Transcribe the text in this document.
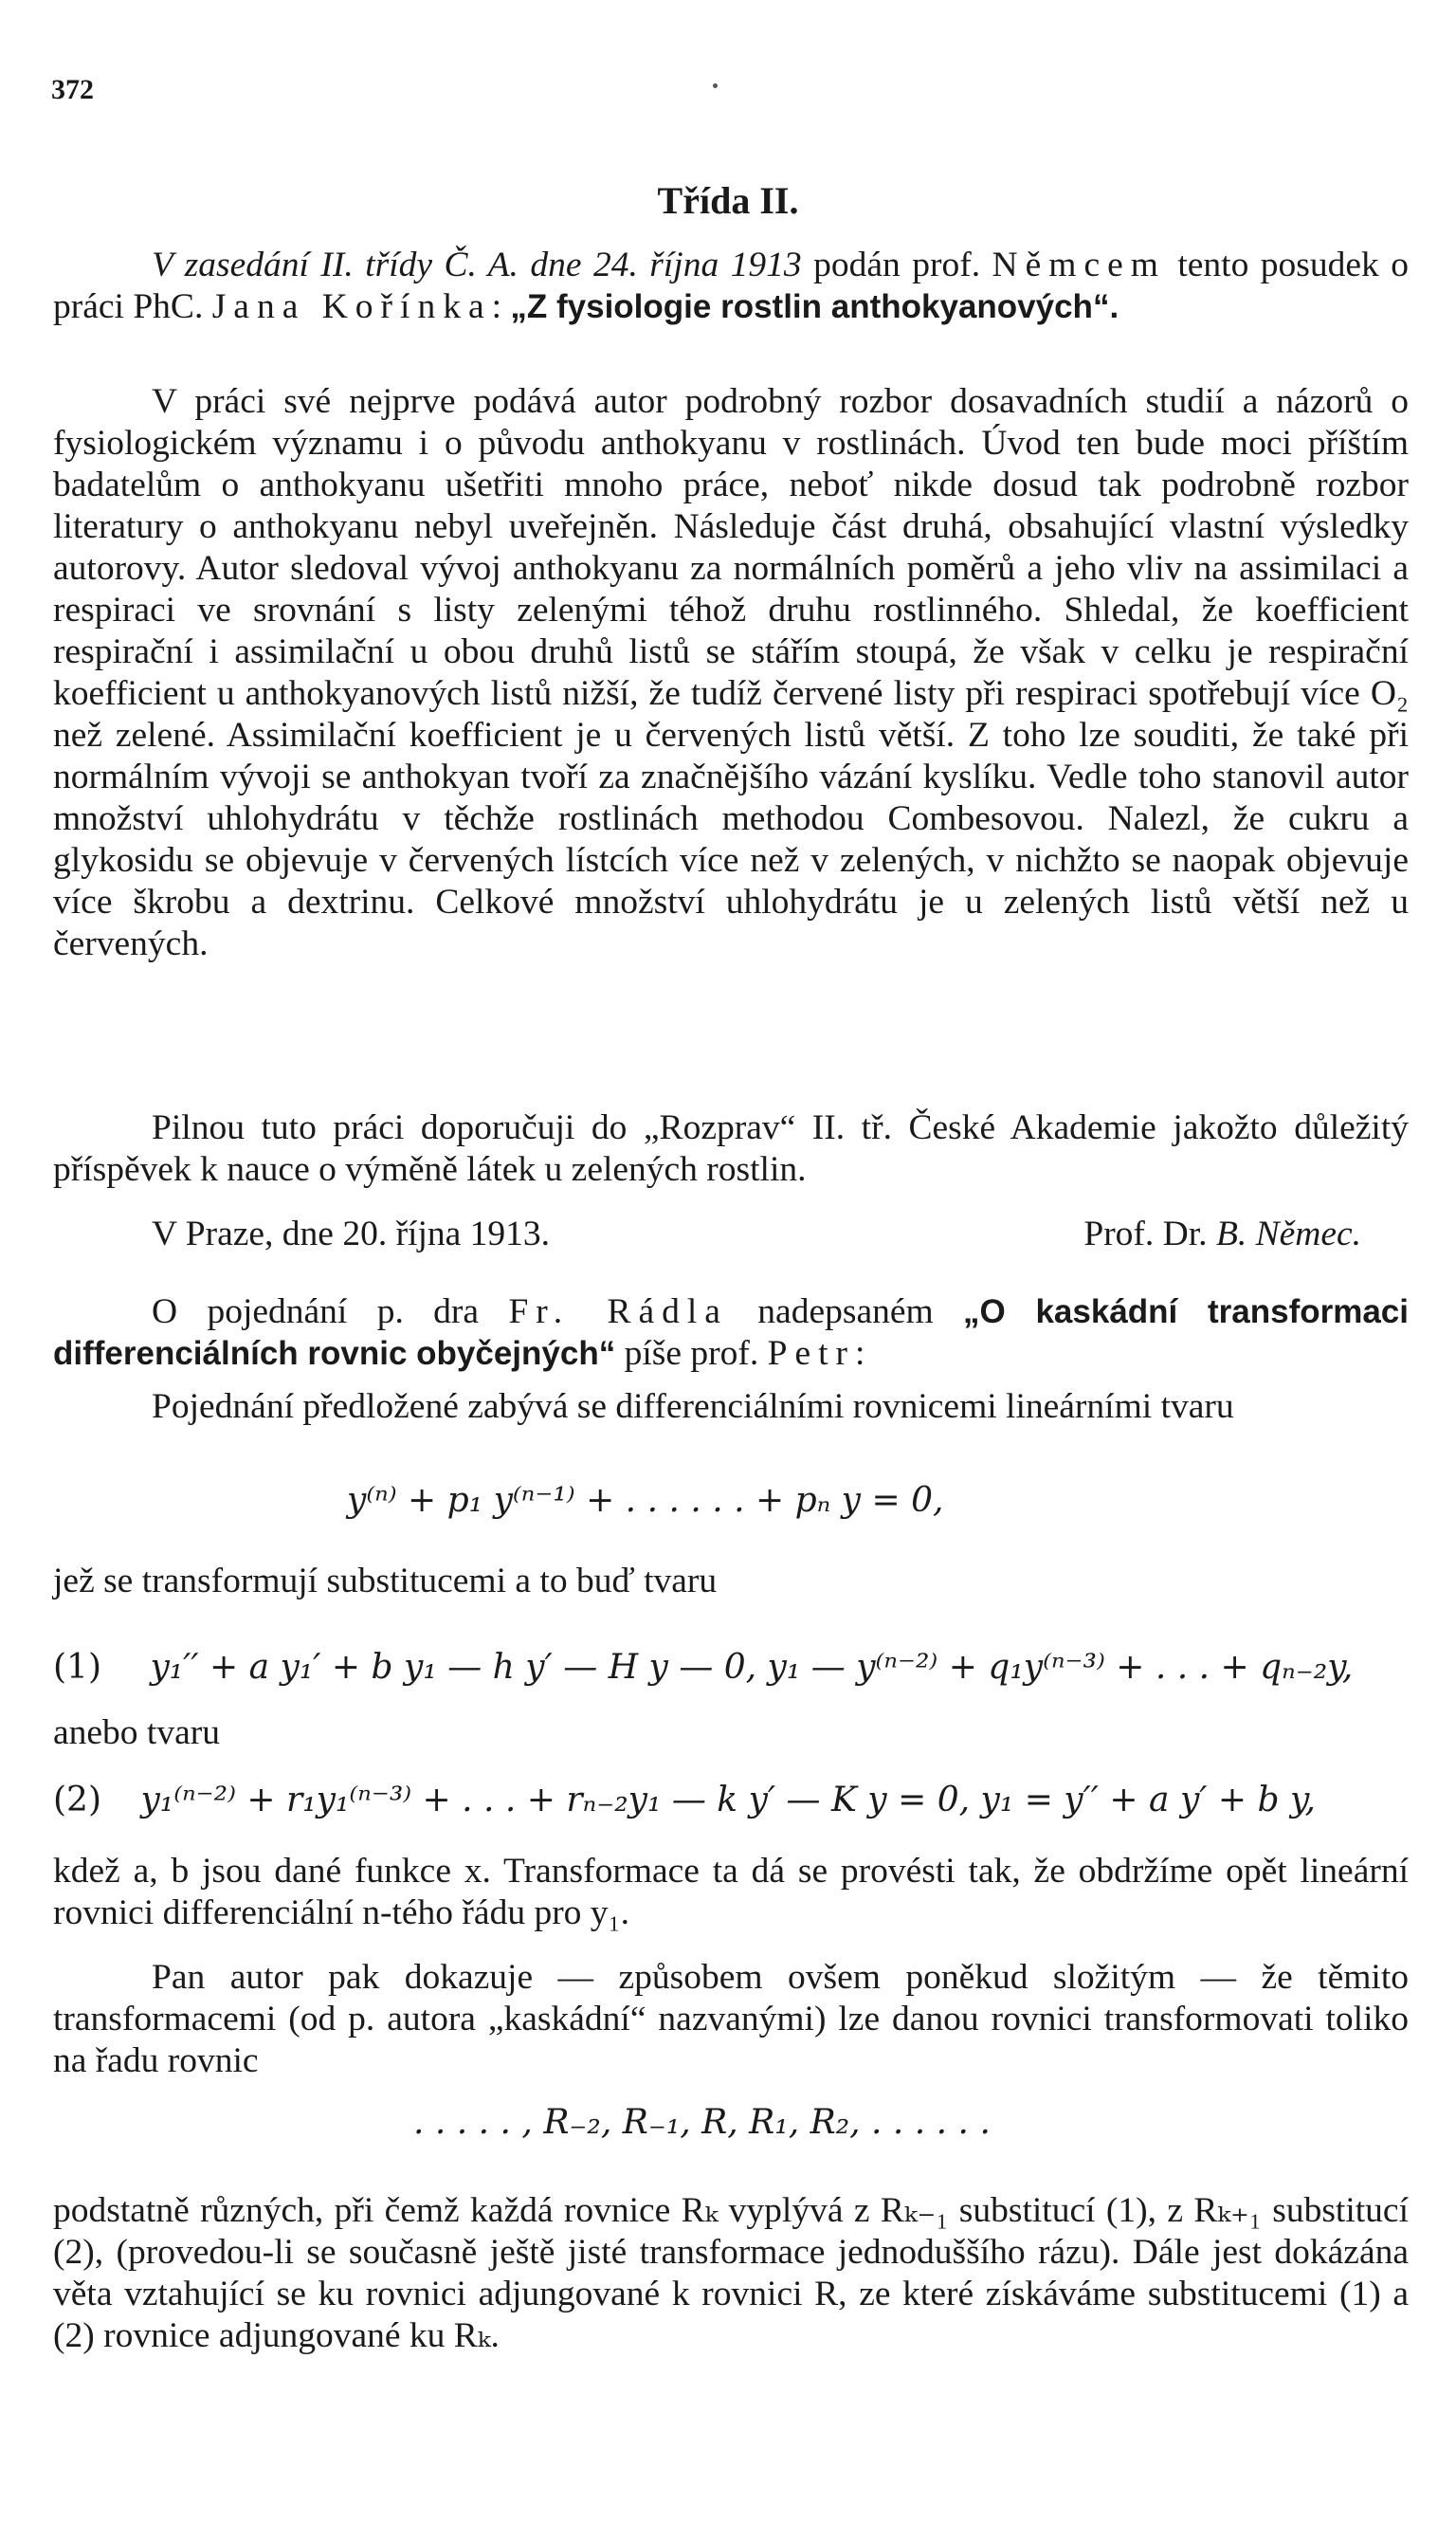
372
Třída II.

V zasedání II. třídy Č. A. dne 24. října 1913 podán prof. Němcem tento posudek o práci PhC. Jana Kořínka: „Z fysiologie rostlin anthokyanových“.

V práci své nejprve podává autor podrobný rozbor dosavadních studií a názorů o fysiologickém významu i o původu anthokyanu v rostlinách. Úvod ten bude moci příštím badatelům o anthokyanu ušetřiti mnoho práce, neboť nikde dosud tak podrobně rozbor literatury o anthokyanu nebyl uveřejněn. Následuje část druhá, obsahující vlastní výsledky autorovy. Autor sledoval vývoj anthokyanu za normálních poměrů a jeho vliv na assimilaci a respiraci ve srovnání s listy zelenými téhož druhu rostlinného. Shledal, že koefficient respirační i assimilační u obou druhů listů se stářím stoupá, že však v celku je respirační koefficient u anthokyanových listů nižší, že tudíž červené listy při respiraci spotřebují více O₂ než zelené. Assimilační koefficient je u červených listů větší. Z toho lze souditi, že také při normálním vývoji se anthokyan tvoří za značnějšího vázání kyslíku. Vedle toho stanovil autor množství uhlohydrátu v těchže rostlinách methodou Combesovou. Nalezl, že cukru a glykosidu se objevuje v červených lístcích více než v zelených, v nichžto se naopak objevuje více škrobu a dextrinu. Celkové množství uhlohydrátu je u zelených listů větší než u červených.

Pilnou tuto práci doporučuji do „Rozprav“ II. tř. České Akademie jakožto důležitý příspěvek k nauce o výměně látek u zelených rostlin.

V Praze, dne 20. října 1913.	Prof. Dr. B. Němec.

O pojednání p. dra Fr. Rádla nadepsaném „O kaskádní transformaci differenciálních rovnic obyčejných“ píše prof. Petr:

Pojednání předložené zabývá se differenciálními rovnicemi lineárními tvaru

y⁽ⁿ⁾ + p₁ y⁽ⁿ⁻¹⁾ + . . . . . . + pₙ y = 0,

jež se transformují substitucemi a to buď tvaru

(1) y₁′′ + a y₁′ + b y₁ — h y′ — H y — 0, y₁ — y⁽ⁿ⁻²⁾ + q₁y⁽ⁿ⁻³⁾ + . . . + qₙ₋₂y,

anebo tvaru

(2) y₁⁽ⁿ⁻²⁾ + r₁y₁⁽ⁿ⁻³⁾ + . . . + rₙ₋₂y₁ — k y′ — K y = 0, y₁ = y′′ + a y′ + b y,

kdež a, b jsou dané funkce x. Transformace ta dá se provésti tak, že obdržíme opět lineární rovnici differenciální n-tého řádu pro y₁.

Pan autor pak dokazuje — způsobem ovšem poněkud složitým — že těmito transformacemi (od p. autora „kaskádní“ nazvanými) lze danou rovnici transformovati toliko na řadu rovnic

. . . . . , R₋₂, R₋₁, R, R₁, R₂, . . . . . .

podstatně různých, při čemž každá rovnice Rₖ vyplývá z Rₖ₋₁ substitucí (1), z Rₖ₊₁ substitucí (2), (provedou-li se současně ještě jisté transformace jednoduššího rázu). Dále jest dokázána věta vztahující se ku rovnici adjungované k rovnici R, ze které získáváme substitucemi (1) a (2) rovnice adjungované ku Rₖ.
